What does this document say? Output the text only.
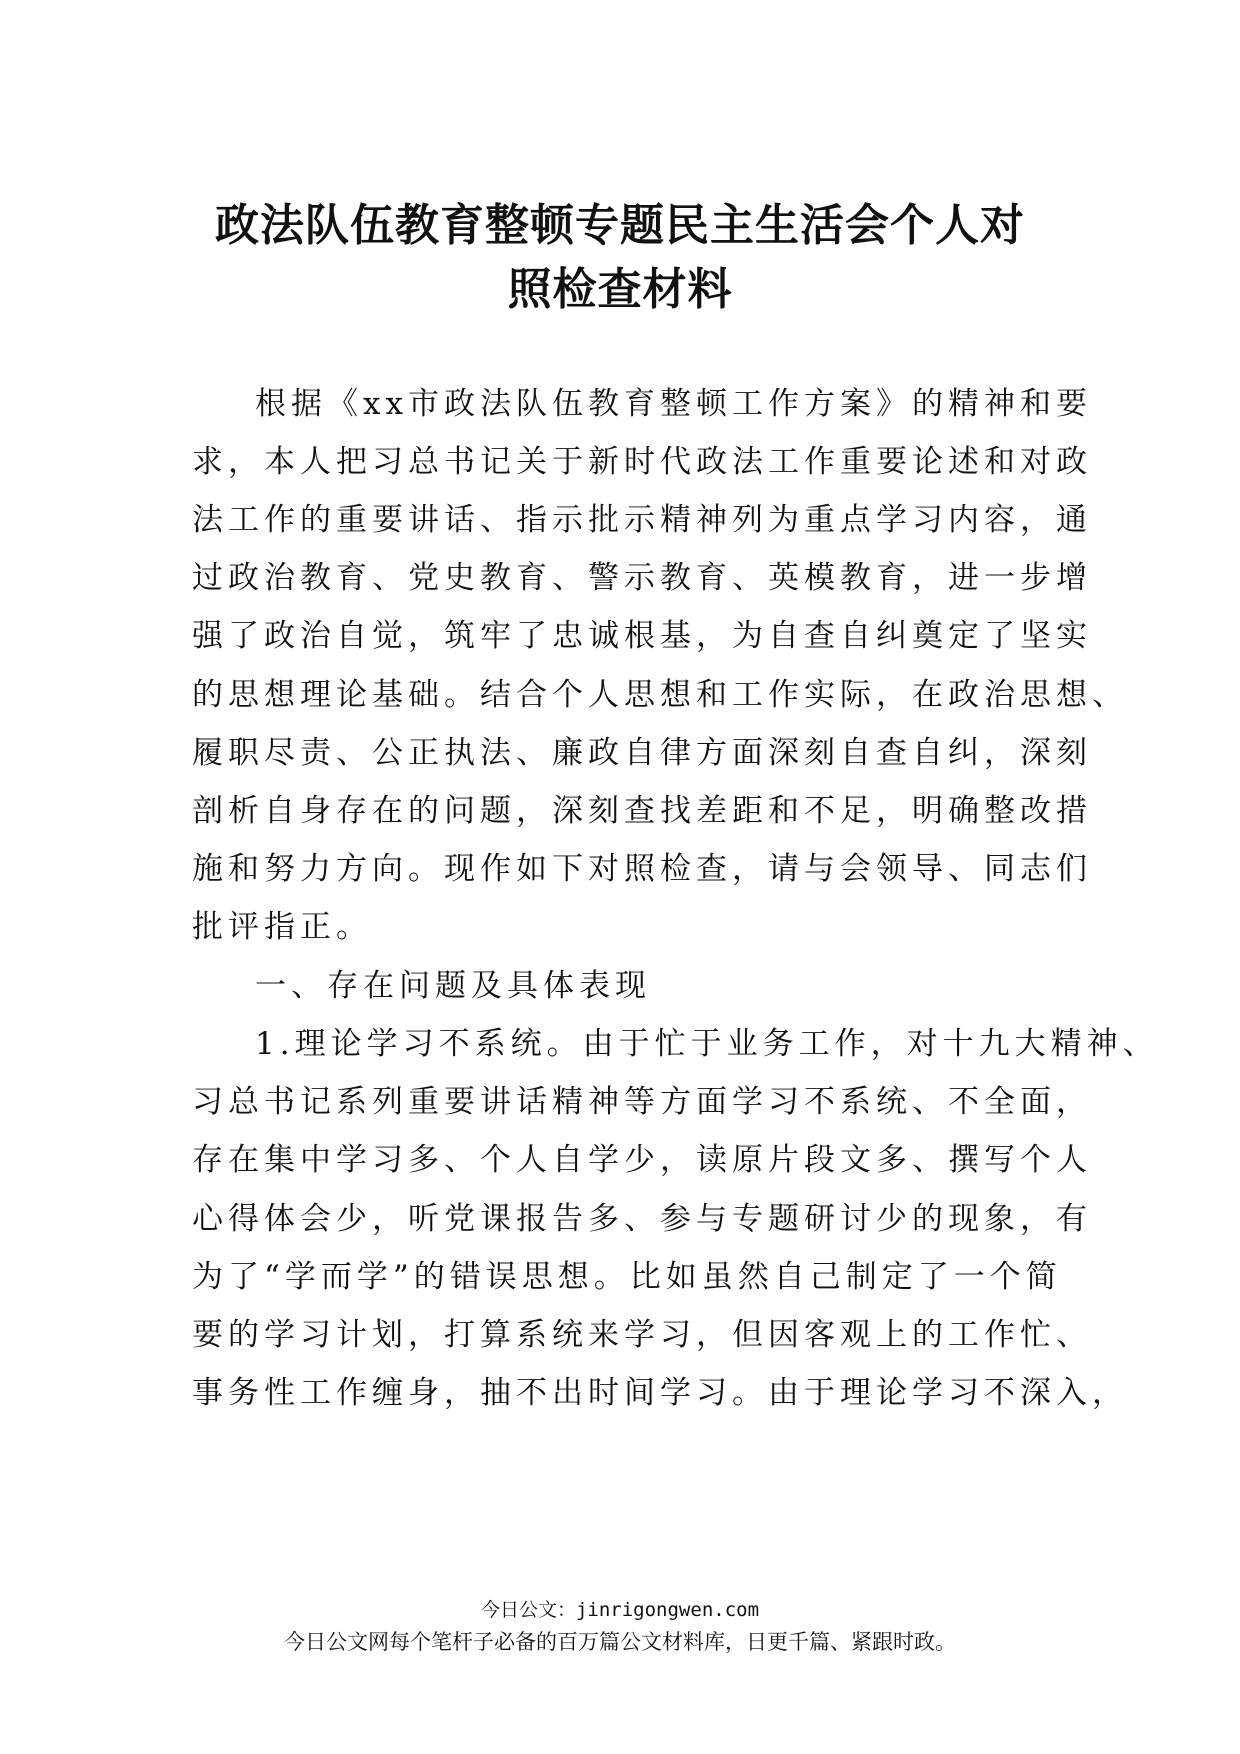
政法队伍教育整顿专题民主生活会个人对
照检查材料

根据《xx市政法队伍教育整顿工作方案》的精神和要

求，本人把习总书记关于新时代政法工作重要论述和对政

法工作的重要讲话、指示批示精神列为重点学习内容，通

过政治教育、党史教育、警示教育、英模教育，进一步增

强了政治自觉，筑牢了忠诚根基，为自查自纠奠定了坚实

的思想理论基础。结合个人思想和工作实际，在政治思想、

履职尽责、公正执法、廉政自律方面深刻自查自纠，深刻

剖析自身存在的问题，深刻查找差距和不足，明确整改措

施和努力方向。现作如下对照检查，请与会领导、同志们

批评指正。

一、存在问题及具体表现

1.理论学习不系统。由于忙于业务工作，对十九大精神、

习总书记系列重要讲话精神等方面学习不系统、不全面，

存在集中学习多、个人自学少，读原片段文多、撰写个人

心得体会少，听党课报告多、参与专题研讨少的现象，有

为了“学而学”的错误思想。比如虽然自己制定了一个简

要的学习计划，打算系统来学习，但因客观上的工作忙、

事务性工作缠身，抽不出时间学习。由于理论学习不深入，

今日公文：jinrigongwen.com
今日公文网每个笔杆子必备的百万篇公文材料库，日更千篇、紧跟时政。
